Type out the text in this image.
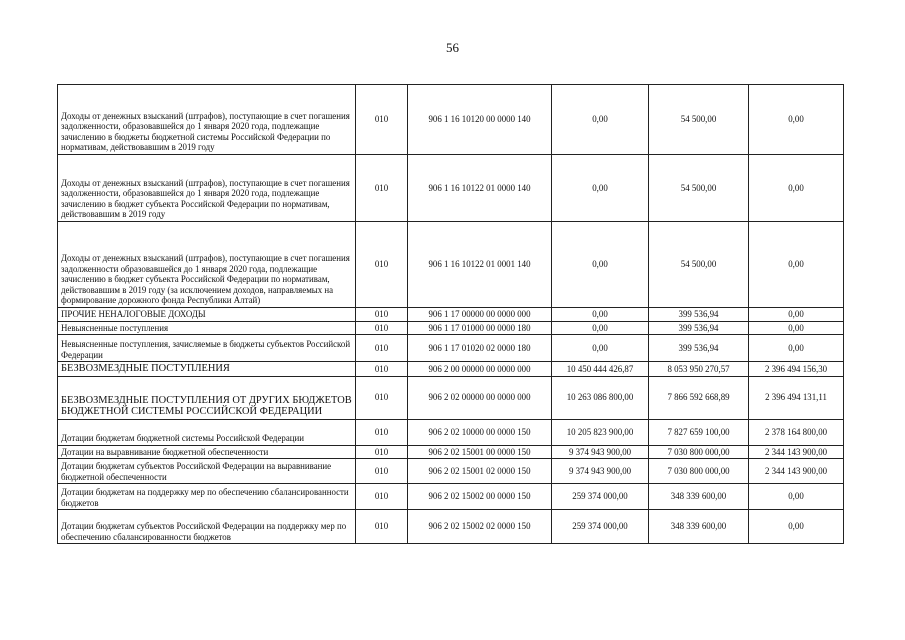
56
Доходы от денежных взысканий (штрафов), поступающие в счет погашения задолженности, образовавшейся до 1 января 2020 года, подлежащие зачислению в бюджеты бюджетной системы Российской Федерации по нормативам, действовавшим в 2019 году	010	906 1 16 10120 00 0000 140	0,00	54 500,00	0,00
Доходы от денежных взысканий (штрафов), поступающие в счет погашения задолженности, образовавшейся до 1 января 2020 года, подлежащие зачислению в бюджет субъекта Российской Федерации по нормативам, действовавшим в 2019 году	010	906 1 16 10122 01 0000 140	0,00	54 500,00	0,00
Доходы от денежных взысканий (штрафов), поступающие в счет погашения задолженности образовавшейся до 1 января 2020 года, подлежащие зачислению в бюджет субъекта Российской Федерации по нормативам, действовавшим в 2019 году (за исключением доходов, направляемых на формирование дорожного фонда Республики Алтай)	010	906 1 16 10122 01 0001 140	0,00	54 500,00	0,00
ПРОЧИЕ НЕНАЛОГОВЫЕ ДОХОДЫ	010	906 1 17 00000 00 0000 000	0,00	399 536,94	0,00
Невыясненные поступления	010	906 1 17 01000 00 0000 180	0,00	399 536,94	0,00
Невыясненные поступления, зачисляемые в бюджеты субъектов Российской Федерации	010	906 1 17 01020 02 0000 180	0,00	399 536,94	0,00
БЕЗВОЗМЕЗДНЫЕ ПОСТУПЛЕНИЯ	010	906 2 00 00000 00 0000 000	10 450 444 426,87	8 053 950 270,57	2 396 494 156,30
БЕЗВОЗМЕЗДНЫЕ ПОСТУПЛЕНИЯ ОТ ДРУГИХ БЮДЖЕТОВ БЮДЖЕТНОЙ СИСТЕМЫ РОССИЙСКОЙ ФЕДЕРАЦИИ	010	906 2 02 00000 00 0000 000	10 263 086 800,00	7 866 592 668,89	2 396 494 131,11
Дотации бюджетам бюджетной системы Российской Федерации	010	906 2 02 10000 00 0000 150	10 205 823 900,00	7 827 659 100,00	2 378 164 800,00
Дотации на выравнивание бюджетной обеспеченности	010	906 2 02 15001 00 0000 150	9 374 943 900,00	7 030 800 000,00	2 344 143 900,00
Дотации бюджетам субъектов Российской Федерации на выравнивание бюджетной обеспеченности	010	906 2 02 15001 02 0000 150	9 374 943 900,00	7 030 800 000,00	2 344 143 900,00
Дотации бюджетам на поддержку мер по обеспечению сбалансированности бюджетов	010	906 2 02 15002 00 0000 150	259 374 000,00	348 339 600,00	0,00
Дотации бюджетам субъектов Российской Федерации на поддержку мер по обеспечению сбалансированности бюджетов	010	906 2 02 15002 02 0000 150	259 374 000,00	348 339 600,00	0,00
